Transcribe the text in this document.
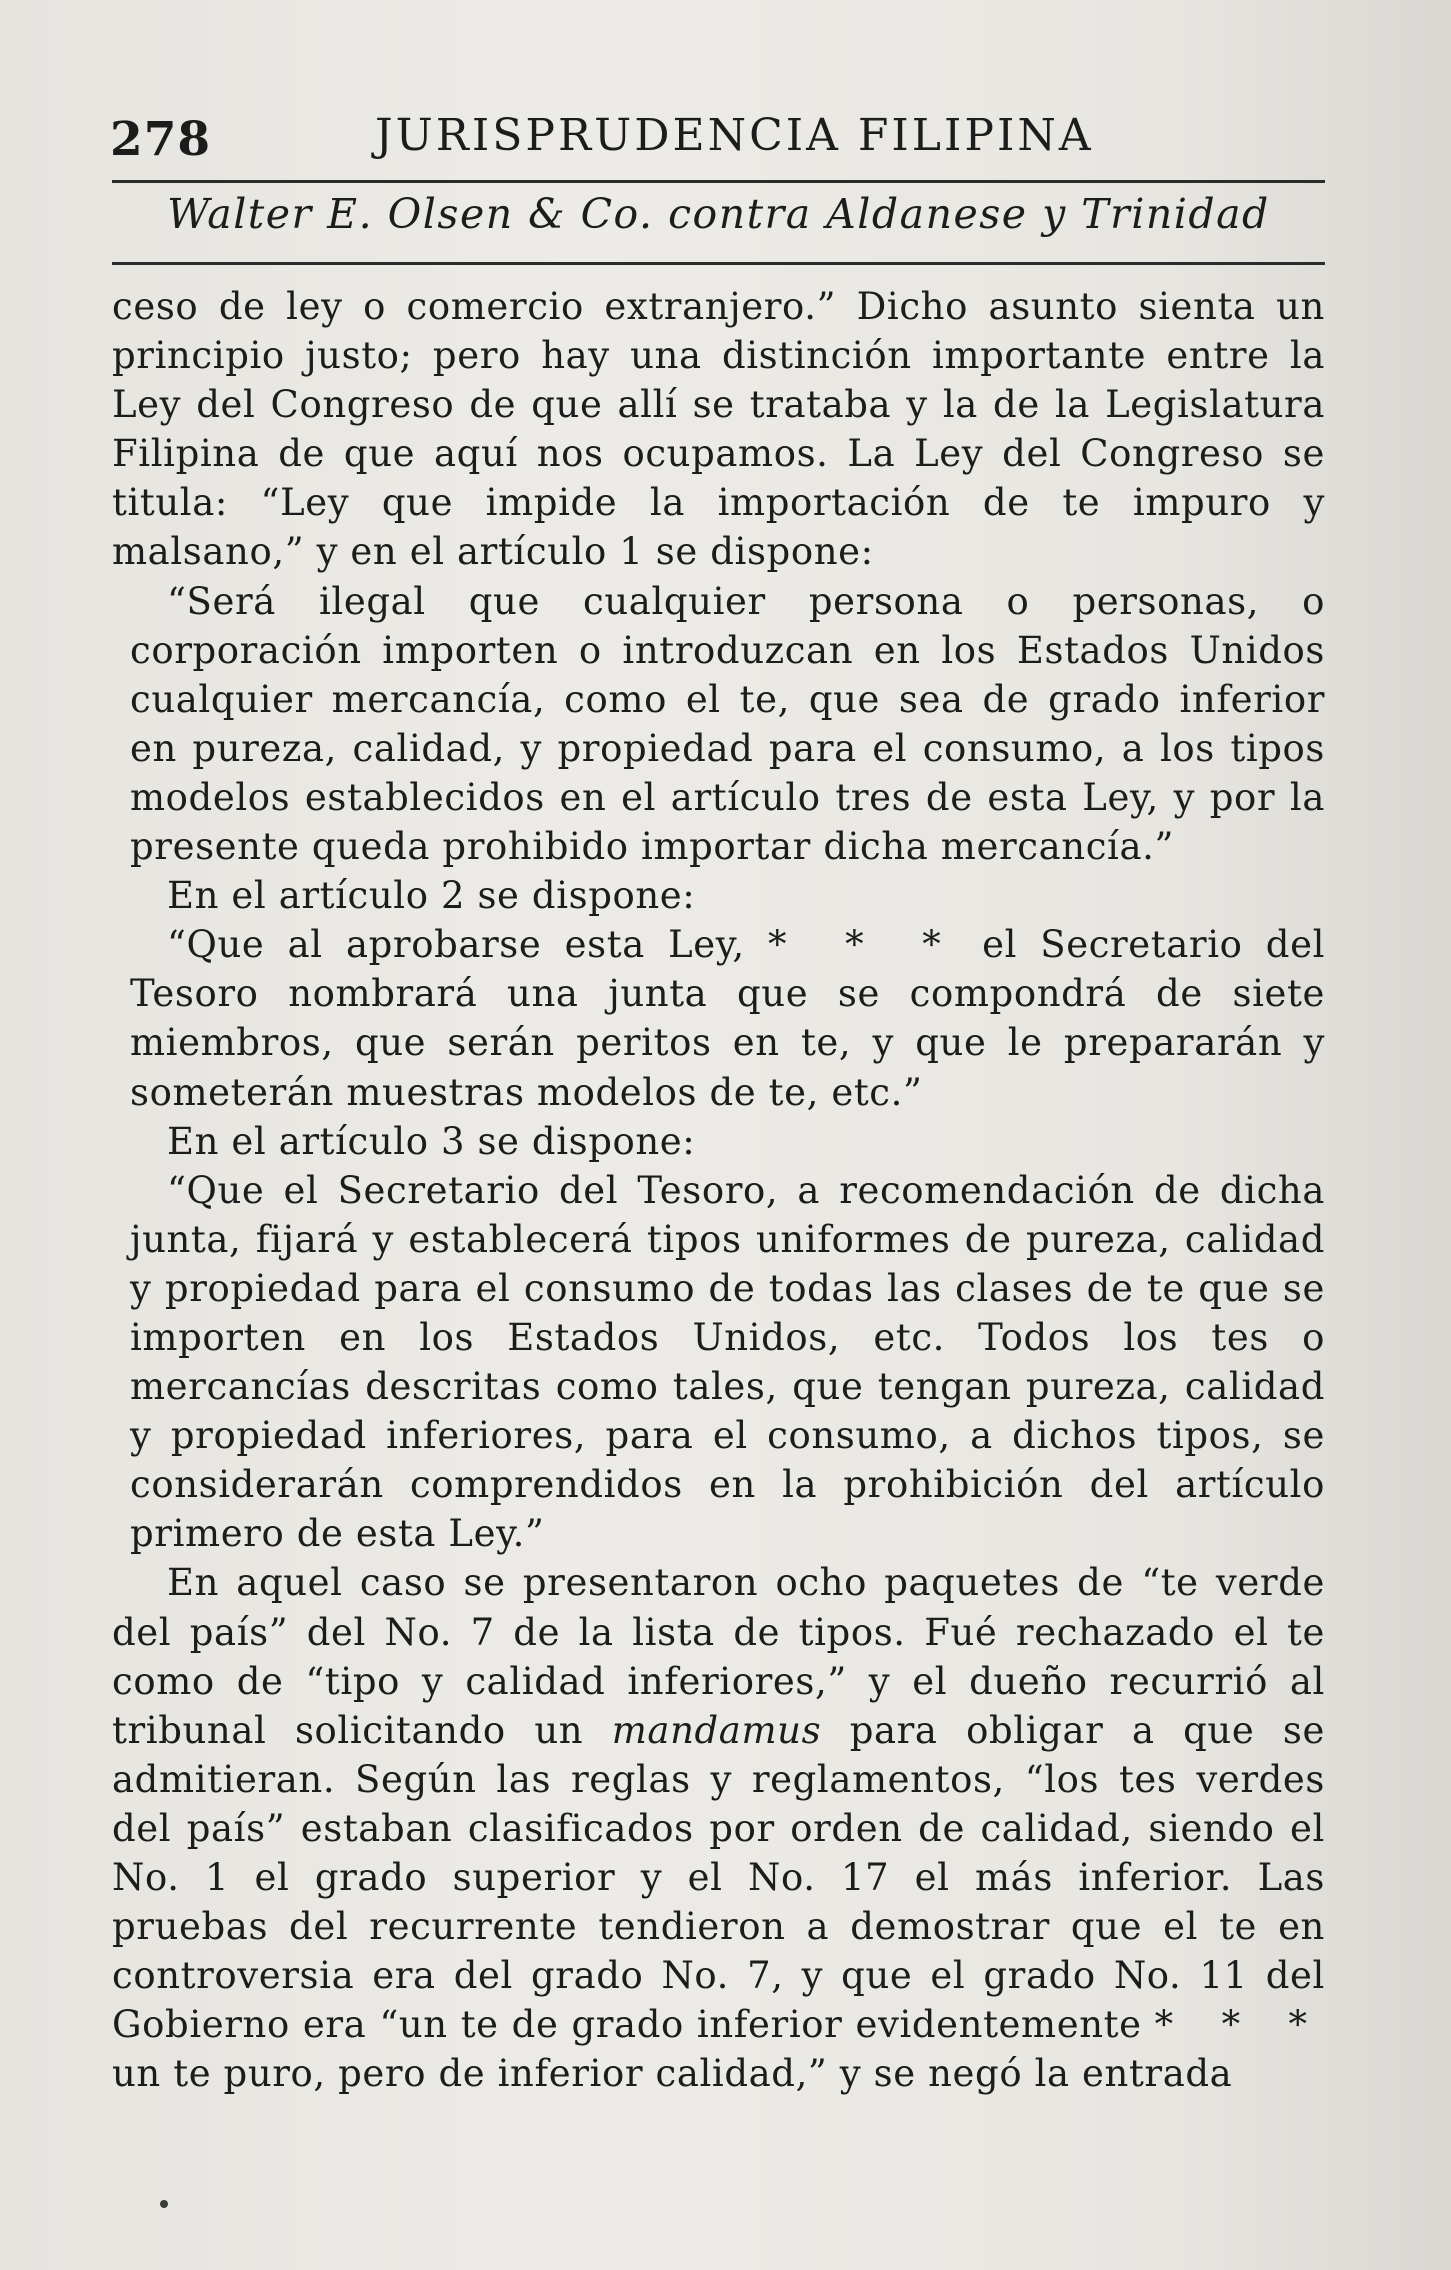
278	JURISPRUDENCIA FILIPINA
Walter E. Olsen & Co. contra Aldanese y Trinidad

ceso de ley o comercio extranjero.” Dicho asunto sienta un principio justo; pero hay una distinción importante entre la Ley del Congreso de que allí se trataba y la de la Legislatura Filipina de que aquí nos ocupamos. La Ley del Congreso se titula: “Ley que impide la importación de te impuro y malsano,” y en el artículo 1 se dispone:

“Será ilegal que cualquier persona o personas, o corporación importen o introduzcan en los Estados Unidos cualquier mercancía, como el te, que sea de grado inferior en pureza, calidad, y propiedad para el consumo, a los tipos modelos establecidos en el artículo tres de esta Ley, y por la presente queda prohibido importar dicha mercancía.”

En el artículo 2 se dispone:

“Que al aprobarse esta Ley, * * * el Secretario del Tesoro nombrará una junta que se compondrá de siete miembros, que serán peritos en te, y que le prepararán y someterán muestras modelos de te, etc.”

En el artículo 3 se dispone:

“Que el Secretario del Tesoro, a recomendación de dicha junta, fijará y establecerá tipos uniformes de pureza, calidad y propiedad para el consumo de todas las clases de te que se importen en los Estados Unidos, etc. Todos los tes o mercancías descritas como tales, que tengan pureza, calidad y propiedad inferiores, para el consumo, a dichos tipos, se considerarán comprendidos en la prohibición del artículo primero de esta Ley.”

En aquel caso se presentaron ocho paquetes de “te verde del país” del No. 7 de la lista de tipos. Fué rechazado el te como de “tipo y calidad inferiores,” y el dueño recurrió al tribunal solicitando un mandamus para obligar a que se admitieran. Según las reglas y reglamentos, “los tes verdes del país” estaban clasificados por orden de calidad, siendo el No. 1 el grado superior y el No. 17 el más inferior. Las pruebas del recurrente tendieron a demostrar que el te en controversia era del grado No. 7, y que el grado No. 11 del Gobierno era “un te de grado inferior evidentemente * * * un te puro, pero de inferior calidad,” y se negó la entrada
